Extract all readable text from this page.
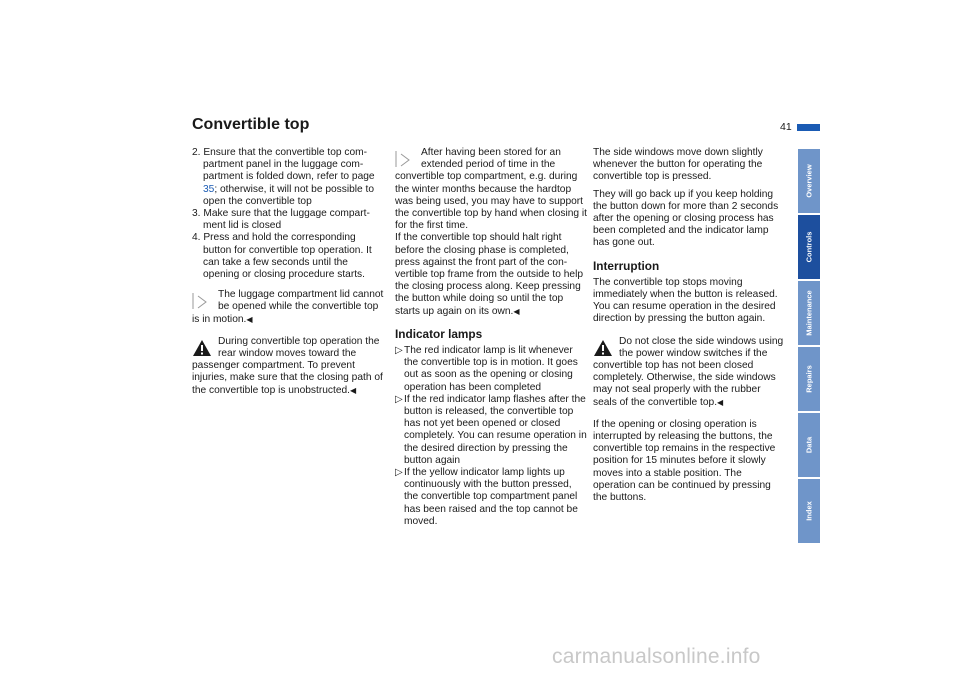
Convertible top	41
2. Ensure that the convertible top compartment panel in the luggage compartment is folded down, refer to page 35; otherwise, it will not be possible to open the convertible top
3. Make sure that the luggage compartment lid is closed
4. Press and hold the corresponding button for convertible top operation. It can take a few seconds until the opening or closing procedure starts.
The luggage compartment lid cannot be opened while the convertible top is in motion.◀
During convertible top operation the rear window moves toward the passenger compartment. To prevent injuries, make sure that the closing path of the convertible top is unobstructed.◀
After having been stored for an extended period of time in the convertible top compartment, e.g. during the winter months because the hardtop was being used, you may have to support the convertible top by hand when closing it for the first time.
If the convertible top should halt right before the closing phase is completed, press against the front part of the convertible top frame from the outside to help the closing process along. Keep pressing the button while doing so until the top starts up again on its own.◀
Indicator lamps
▷ The red indicator lamp is lit whenever the convertible top is in motion. It goes out as soon as the opening or closing operation has been completed
▷ If the red indicator lamp flashes after the button is released, the convertible top has not yet been opened or closed completely. You can resume operation in the desired direction by pressing the button again
▷ If the yellow indicator lamp lights up continuously with the button pressed, the convertible top compartment panel has been raised and the top cannot be moved.

The side windows move down slightly whenever the button for operating the convertible top is pressed.

They will go back up if you keep holding the button down for more than 2 seconds after the opening or closing process has been completed and the indicator lamp has gone out.

Interruption

The convertible top stops moving immediately when the button is released. You can resume operation in the desired direction by pressing the button again.

Do not close the side windows using the power window switches if the convertible top has not been closed completely. Otherwise, the side windows may not seal properly with the rubber seals of the convertible top.◀

If the opening or closing operation is interrupted by releasing the buttons, the convertible top remains in the respective position for 15 minutes before it slowly moves into a stable position. The operation can be continued by pressing the buttons.

Overview
Controls
Maintenance
Repairs
Data
Index
carmanualsonline.info
